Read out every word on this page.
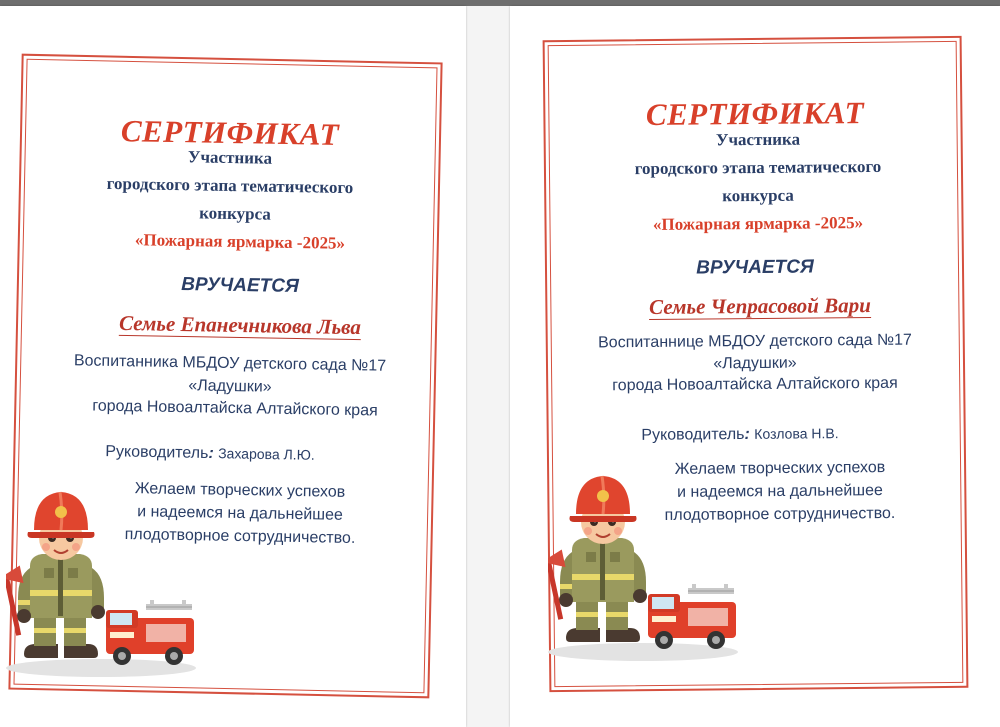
СЕРТИФИКАТ
Участника
городского этапа тематического
конкурса
«Пожарная ярмарка -2025»
ВРУЧАЕТСЯ
Семье Епанечникова Льва
Воспитанника МБДОУ детского сада №17
«Ладушки»
города Новоалтайска Алтайского края
Руководитель: Захарова Л.Ю.
Желаем творческих успехов
и надеемся на дальнейшее
плодотворное сотрудничество.
СЕРТИФИКАТ
Участника
городского этапа тематического
конкурса
«Пожарная ярмарка -2025»
ВРУЧАЕТСЯ
Семье Чепрасовой Вари
Воспитаннице МБДОУ детского сада №17
«Ладушки»
города Новоалтайска Алтайского края
Руководитель: Козлова Н.В.
Желаем творческих успехов
и надеемся на дальнейшее
плодотворное сотрудничество.
